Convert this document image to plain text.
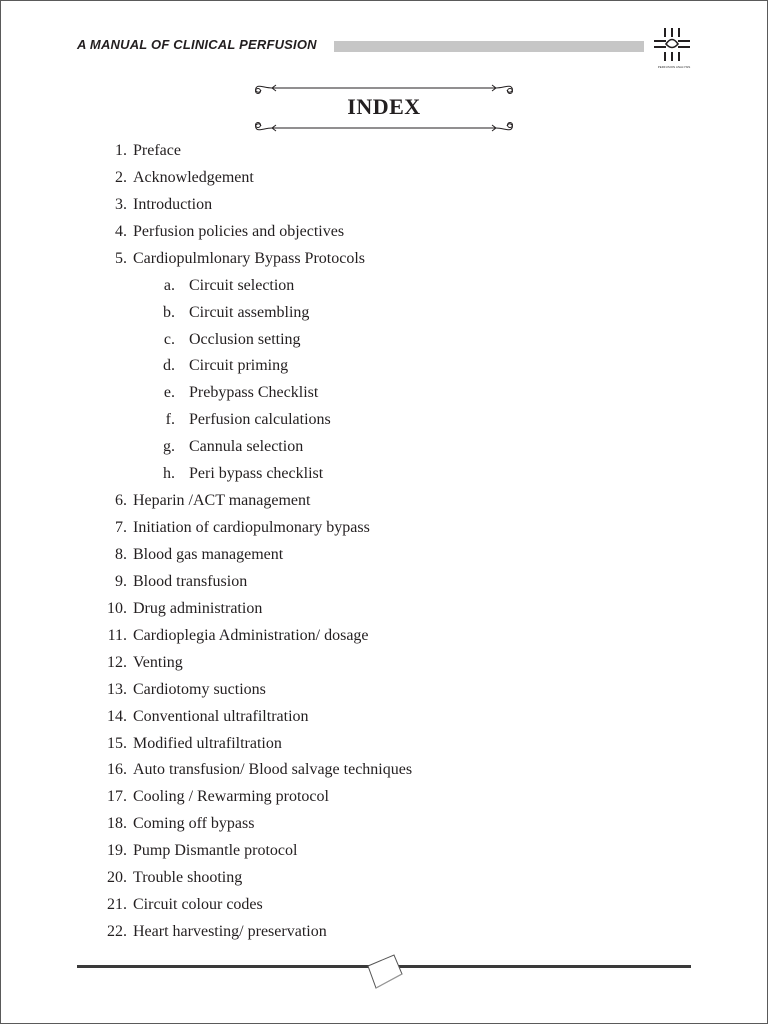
A MANUAL OF CLINICAL PERFUSION
PERFUSION ANALYSIS
INDEX
1. Preface
2. Acknowledgement
3. Introduction
4. Perfusion policies and objectives
5. Cardiopulmlonary Bypass Protocols
a. Circuit selection
b. Circuit assembling
c. Occlusion setting
d. Circuit priming
e. Prebypass Checklist
f. Perfusion calculations
g. Cannula selection
h. Peri bypass checklist
6. Heparin /ACT management
7. Initiation of cardiopulmonary bypass
8. Blood gas management
9. Blood transfusion
10. Drug administration
11. Cardioplegia Administration/ dosage
12. Venting
13. Cardiotomy suctions
14. Conventional ultrafiltration
15. Modified ultrafiltration
16. Auto transfusion/ Blood salvage techniques
17. Cooling / Rewarming protocol
18. Coming off bypass
19. Pump Dismantle protocol
20. Trouble shooting
21. Circuit colour codes
22. Heart harvesting/ preservation
